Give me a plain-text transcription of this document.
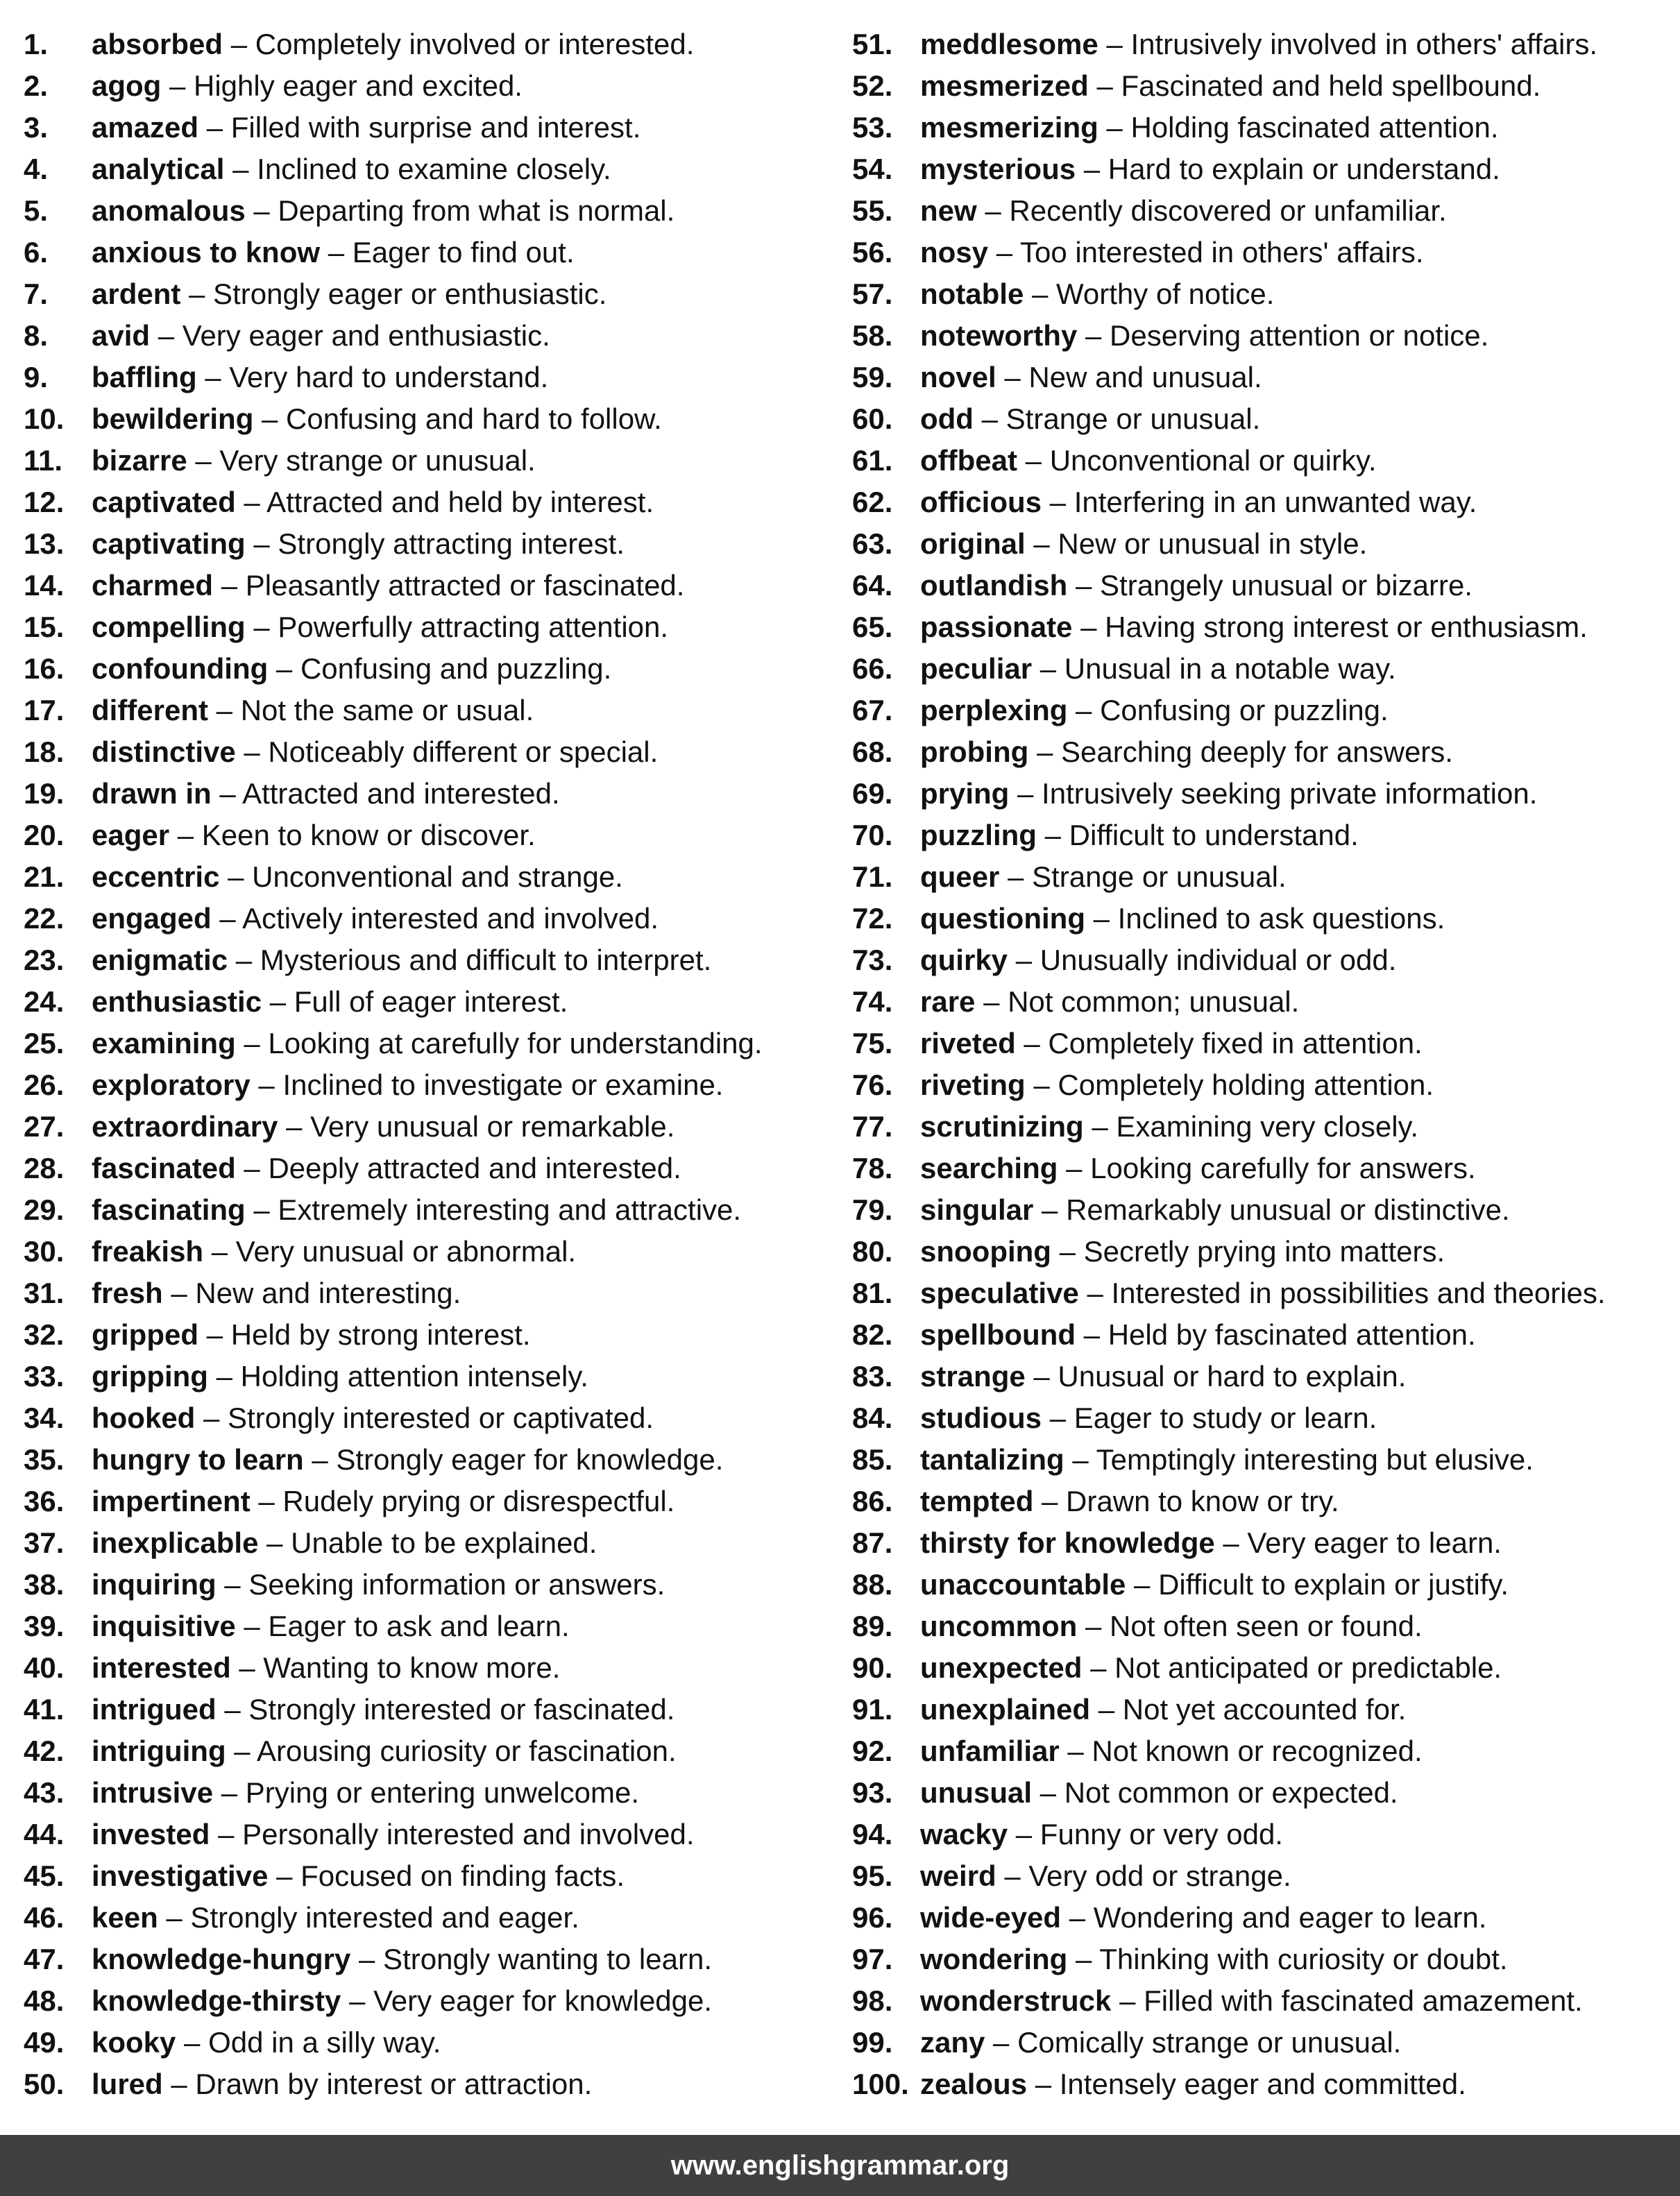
1. absorbed – Completely involved or interested.
2. agog – Highly eager and excited.
3. amazed – Filled with surprise and interest.
4. analytical – Inclined to examine closely.
5. anomalous – Departing from what is normal.
6. anxious to know – Eager to find out.
7. ardent – Strongly eager or enthusiastic.
8. avid – Very eager and enthusiastic.
9. baffling – Very hard to understand.
10. bewildering – Confusing and hard to follow.
11. bizarre – Very strange or unusual.
12. captivated – Attracted and held by interest.
13. captivating – Strongly attracting interest.
14. charmed – Pleasantly attracted or fascinated.
15. compelling – Powerfully attracting attention.
16. confounding – Confusing and puzzling.
17. different – Not the same or usual.
18. distinctive – Noticeably different or special.
19. drawn in – Attracted and interested.
20. eager – Keen to know or discover.
21. eccentric – Unconventional and strange.
22. engaged – Actively interested and involved.
23. enigmatic – Mysterious and difficult to interpret.
24. enthusiastic – Full of eager interest.
25. examining – Looking at carefully for understanding.
26. exploratory – Inclined to investigate or examine.
27. extraordinary – Very unusual or remarkable.
28. fascinated – Deeply attracted and interested.
29. fascinating – Extremely interesting and attractive.
30. freakish – Very unusual or abnormal.
31. fresh – New and interesting.
32. gripped – Held by strong interest.
33. gripping – Holding attention intensely.
34. hooked – Strongly interested or captivated.
35. hungry to learn – Strongly eager for knowledge.
36. impertinent – Rudely prying or disrespectful.
37. inexplicable – Unable to be explained.
38. inquiring – Seeking information or answers.
39. inquisitive – Eager to ask and learn.
40. interested – Wanting to know more.
41. intrigued – Strongly interested or fascinated.
42. intriguing – Arousing curiosity or fascination.
43. intrusive – Prying or entering unwelcome.
44. invested – Personally interested and involved.
45. investigative – Focused on finding facts.
46. keen – Strongly interested and eager.
47. knowledge-hungry – Strongly wanting to learn.
48. knowledge-thirsty – Very eager for knowledge.
49. kooky – Odd in a silly way.
50. lured – Drawn by interest or attraction.
51. meddlesome – Intrusively involved in others' affairs.
52. mesmerized – Fascinated and held spellbound.
53. mesmerizing – Holding fascinated attention.
54. mysterious – Hard to explain or understand.
55. new – Recently discovered or unfamiliar.
56. nosy – Too interested in others' affairs.
57. notable – Worthy of notice.
58. noteworthy – Deserving attention or notice.
59. novel – New and unusual.
60. odd – Strange or unusual.
61. offbeat – Unconventional or quirky.
62. officious – Interfering in an unwanted way.
63. original – New or unusual in style.
64. outlandish – Strangely unusual or bizarre.
65. passionate – Having strong interest or enthusiasm.
66. peculiar – Unusual in a notable way.
67. perplexing – Confusing or puzzling.
68. probing – Searching deeply for answers.
69. prying – Intrusively seeking private information.
70. puzzling – Difficult to understand.
71. queer – Strange or unusual.
72. questioning – Inclined to ask questions.
73. quirky – Unusually individual or odd.
74. rare – Not common; unusual.
75. riveted – Completely fixed in attention.
76. riveting – Completely holding attention.
77. scrutinizing – Examining very closely.
78. searching – Looking carefully for answers.
79. singular – Remarkably unusual or distinctive.
80. snooping – Secretly prying into matters.
81. speculative – Interested in possibilities and theories.
82. spellbound – Held by fascinated attention.
83. strange – Unusual or hard to explain.
84. studious – Eager to study or learn.
85. tantalizing – Temptingly interesting but elusive.
86. tempted – Drawn to know or try.
87. thirsty for knowledge – Very eager to learn.
88. unaccountable – Difficult to explain or justify.
89. uncommon – Not often seen or found.
90. unexpected – Not anticipated or predictable.
91. unexplained – Not yet accounted for.
92. unfamiliar – Not known or recognized.
93. unusual – Not common or expected.
94. wacky – Funny or very odd.
95. weird – Very odd or strange.
96. wide-eyed – Wondering and eager to learn.
97. wondering – Thinking with curiosity or doubt.
98. wonderstruck – Filled with fascinated amazement.
99. zany – Comically strange or unusual.
100. zealous – Intensely eager and committed.
www.englishgrammar.org
